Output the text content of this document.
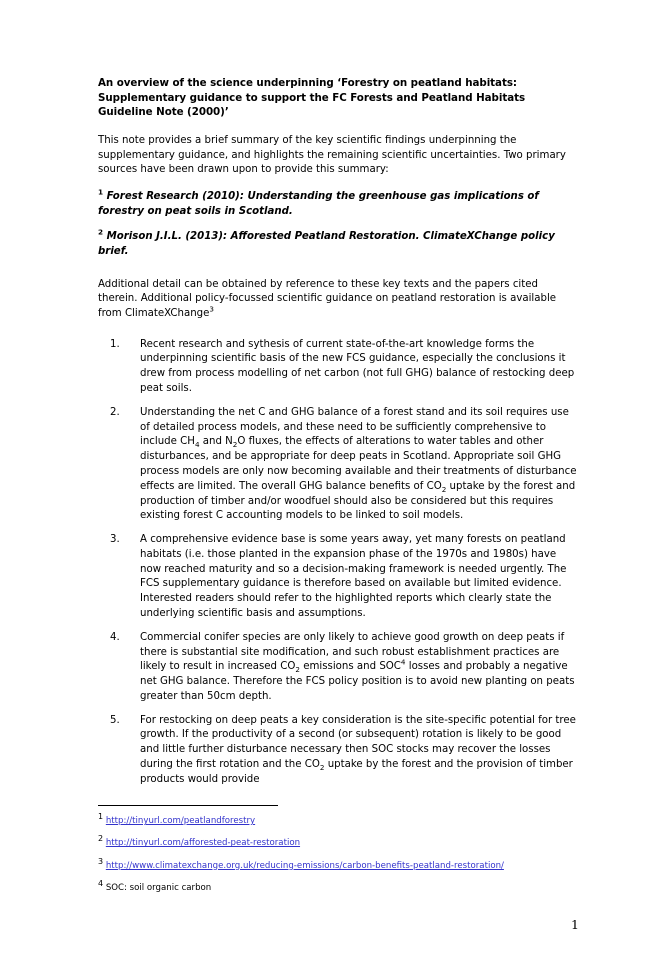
An overview of the science underpinning ‘Forestry on peatland habitats: Supplementary guidance to support the FC Forests and Peatland Habitats Guideline Note (2000)’

This note provides a brief summary of the key scientific findings underpinning the supplementary guidance, and highlights the remaining scientific uncertainties. Two primary sources have been drawn upon to provide this summary:

$^1$ Forest Research (2010): Understanding the greenhouse gas implications of forestry on peat soils in Scotland.

$^2$ Morison J.I.L. (2013): Afforested Peatland Restoration. ClimateXChange policy brief.

Additional detail can be obtained by reference to these key texts and the papers cited therein. Additional policy-focussed scientific guidance on peatland restoration is available from ClimateXChange$^3$

Recent research and sythesis of current state-of-the-art knowledge forms the underpinning scientific basis of the new FCS guidance, especially the conclusions it drew from process modelling of net carbon (not full GHG) balance of restocking deep peat soils.
Understanding the net C and GHG balance of a forest stand and its soil requires use of detailed process models, and these need to be sufficiently comprehensive to include $CH_4$ and $N_2O$ fluxes, the effects of alterations to water tables and other disturbances, and be appropriate for deep peats in Scotland. Appropriate soil GHG process models are only now becoming available and their treatments of disturbance effects are limited. The overall GHG balance benefits of $CO_2$ uptake by the forest and production of timber and/or woodfuel should also be considered but this requires existing forest C accounting models to be linked to soil models.
A comprehensive evidence base is some years away, yet many forests on peatland habitats (i.e. those planted in the expansion phase of the 1970s and 1980s) have now reached maturity and so a decision-making framework is needed urgently. The FCS supplementary guidance is therefore based on available but limited evidence. Interested readers should refer to the highlighted reports which clearly state the underlying scientific basis and assumptions.
Commercial conifer species are only likely to achieve good growth on deep peats if there is substantial site modification, and such robust establishment practices are likely to result in increased $CO_2$ emissions and SOC$^4$ losses and probably a negative net GHG balance. Therefore the FCS policy position is to avoid new planting on peats greater than 50cm depth.
For restocking on deep peats a key consideration is the site-specific potential for tree growth. If the productivity of a second (or subsequent) rotation is likely to be good and little further disturbance necessary then SOC stocks may recover the losses during the first rotation and the $CO_2$ uptake by the forest and the provision of timber products would provide
1 http://tinyurl.com/peatlandforestry
2 http://tinyurl.com/afforested-peat-restoration
3 http://www.climatexchange.org.uk/reducing-emissions/carbon-benefits-peatland-restoration/
4 SOC: soil organic carbon
1
